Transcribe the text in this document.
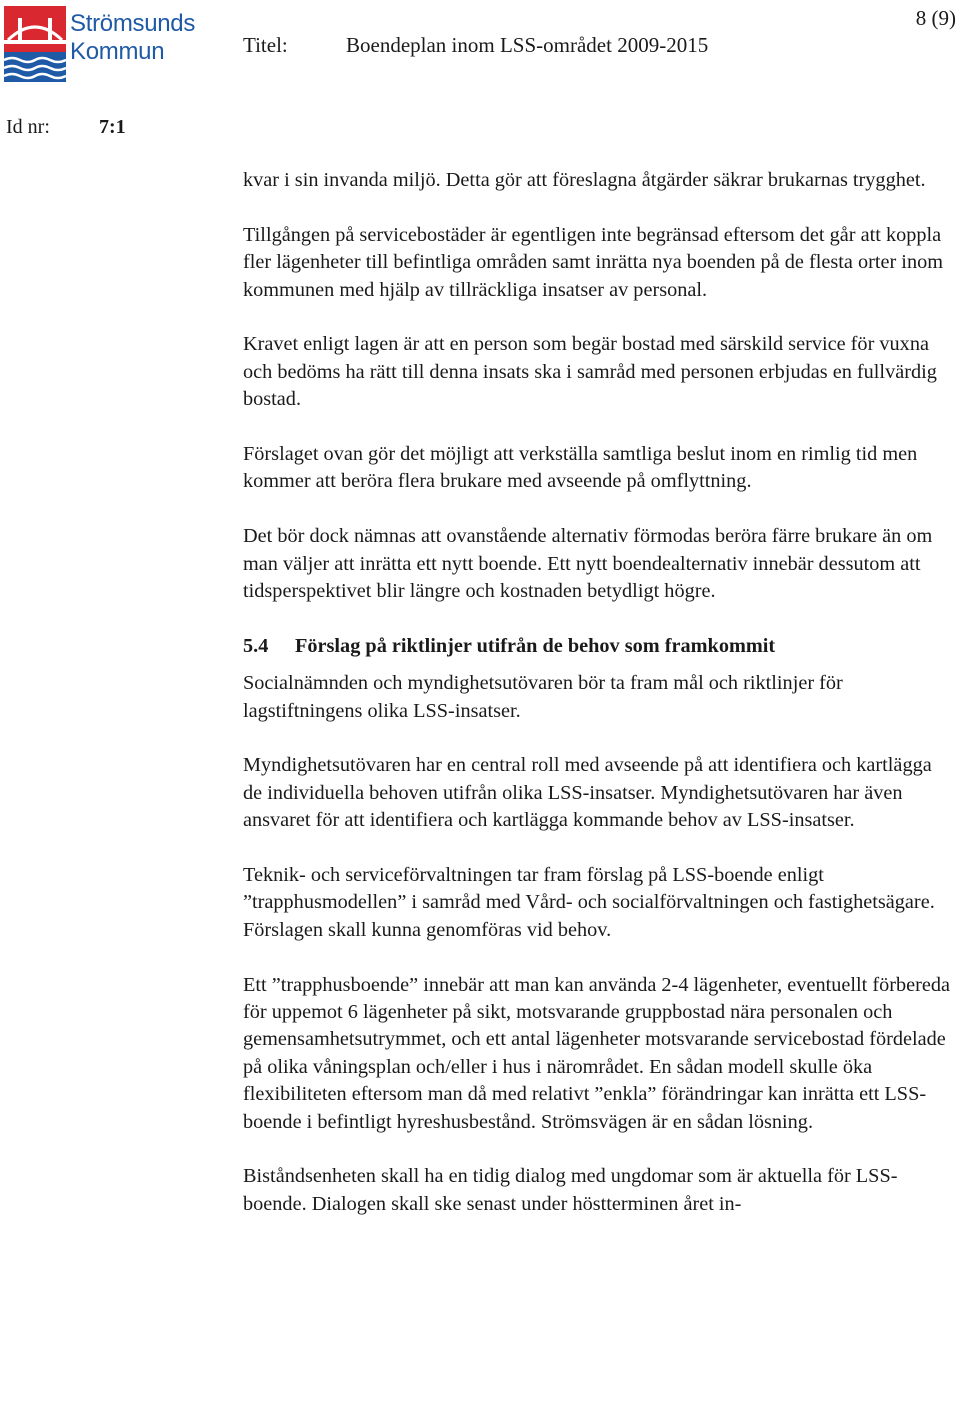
Strömsunds
Kommun
8 (9)
Titel:	Boendeplan inom LSS-området 2009-2015
Id nr: 7:1

kvar i sin invanda miljö. Detta gör att föreslagna åtgärder säkrar brukarnas trygghet.

Tillgången på servicebostäder är egentligen inte begränsad eftersom det går att koppla fler lägenheter till befintliga områden samt inrätta nya boenden på de flesta orter inom kommunen med hjälp av tillräckliga insatser av personal.

Kravet enligt lagen är att en person som begär bostad med särskild service för vuxna och bedöms ha rätt till denna insats ska i samråd med personen erbjudas en fullvärdig bostad.

Förslaget ovan gör det möjligt att verkställa samtliga beslut inom en rimlig tid men kommer att beröra flera brukare med avseende på omflyttning.

Det bör dock nämnas att ovanstående alternativ förmodas beröra färre brukare än om man väljer att inrätta ett nytt boende. Ett nytt boendealternativ innebär dessutom att tidsperspektivet blir längre och kostnaden betydligt högre.

5.4	Förslag på riktlinjer utifrån de behov som framkommit

Socialnämnden och myndighetsutövaren bör ta fram mål och riktlinjer för lagstiftningens olika LSS-insatser.

Myndighetsutövaren har en central roll med avseende på att identifiera och kartlägga de individuella behoven utifrån olika LSS-insatser. Myndighetsutövaren har även ansvaret för att identifiera och kartlägga kommande behov av LSS-insatser.

Teknik- och serviceförvaltningen tar fram förslag på LSS-boende enligt ”trapphusmodellen” i samråd med Vård- och socialförvaltningen och fastighetsägare. Förslagen skall kunna genomföras vid behov.

Ett ”trapphusboende” innebär att man kan använda 2-4 lägenheter, eventuellt förbereda för uppemot 6 lägenheter på sikt, motsvarande gruppbostad nära personalen och gemensamhetsutrymmet, och ett antal lägenheter motsvarande servicebostad fördelade på olika våningsplan och/eller i hus i närområdet. En sådan modell skulle öka flexibiliteten eftersom man då med relativt ”enkla” förändringar kan inrätta ett LSS-boende i befintligt hyreshusbestånd. Strömsvägen är en sådan lösning.

Biståndsenheten skall ha en tidig dialog med ungdomar som är aktuella för LSS-boende. Dialogen skall ske senast under höstterminen året in-
